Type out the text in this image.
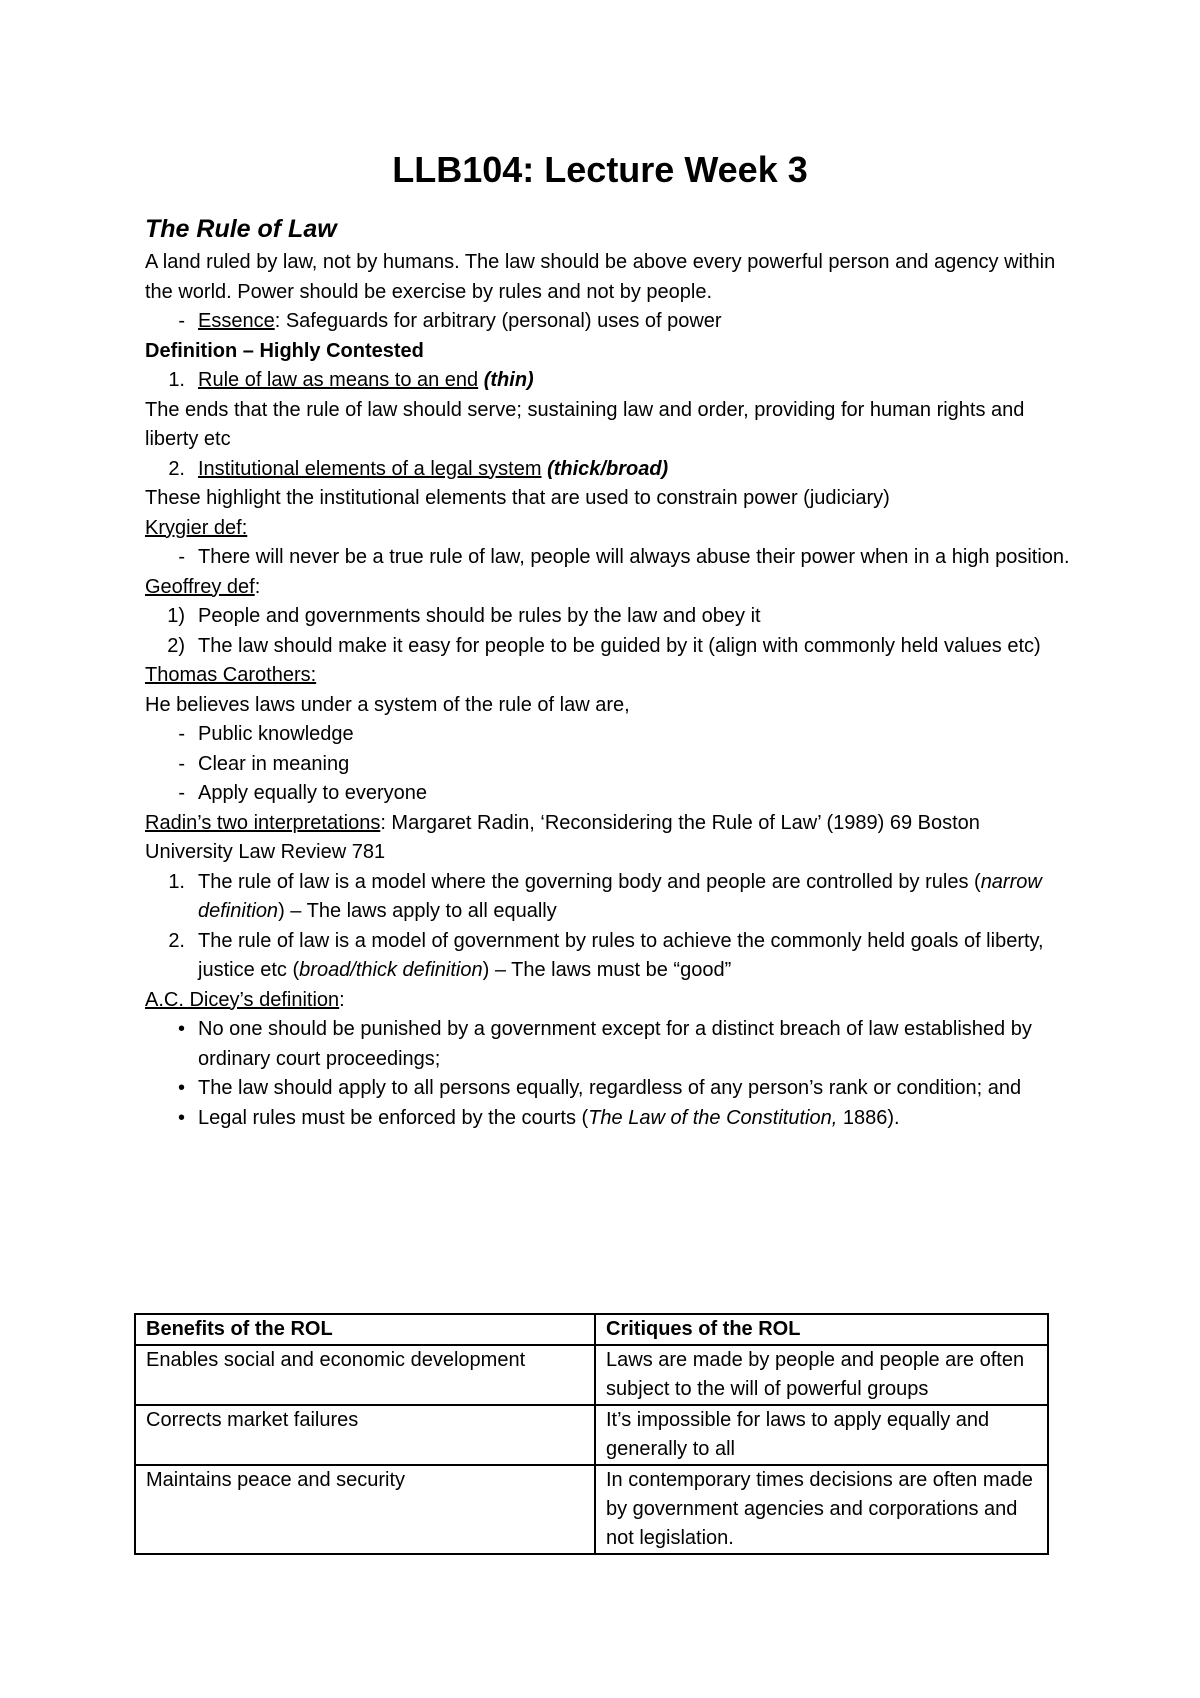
LLB104: Lecture Week 3
The Rule of Law

A land ruled by law, not by humans. The law should be above every powerful person and agency within the world. Power should be exercise by rules and not by people.

- Essence: Safeguards for arbitrary (personal) uses of power
Definition – Highly Contested
1. Rule of law as means to an end (thin)

The ends that the rule of law should serve; sustaining law and order, providing for human rights and liberty etc

2. Institutional elements of a legal system (thick/broad)

These highlight the institutional elements that are used to constrain power (judiciary)

Krygier def:
- There will never be a true rule of law, people will always abuse their power when in a high position.
Geoffrey def:
1) People and governments should be rules by the law and obey it
2) The law should make it easy for people to be guided by it (align with commonly held values etc)
Thomas Carothers:

He believes laws under a system of the rule of law are,

- Public knowledge
- Clear in meaning
- Apply equally to everyone

Radin’s two interpretations: Margaret Radin, ‘Reconsidering the Rule of Law’ (1989) 69 Boston University Law Review 781

1. The rule of law is a model where the governing body and people are controlled by rules (narrow definition) – The laws apply to all equally
2. The rule of law is a model of government by rules to achieve the commonly held goals of liberty, justice etc (broad/thick definition) – The laws must be “good”
A.C. Dicey’s definition:
• No one should be punished by a government except for a distinct breach of law established by ordinary court proceedings;
• The law should apply to all persons equally, regardless of any person’s rank or condition; and
• Legal rules must be enforced by the courts (The Law of the Constitution, 1886).
Benefits of the ROL	Critiques of the ROL
Enables social and economic development	Laws are made by people and people are often subject to the will of powerful groups
Corrects market failures	It’s impossible for laws to apply equally and generally to all
Maintains peace and security	In contemporary times decisions are often made by government agencies and corporations and not legislation.
